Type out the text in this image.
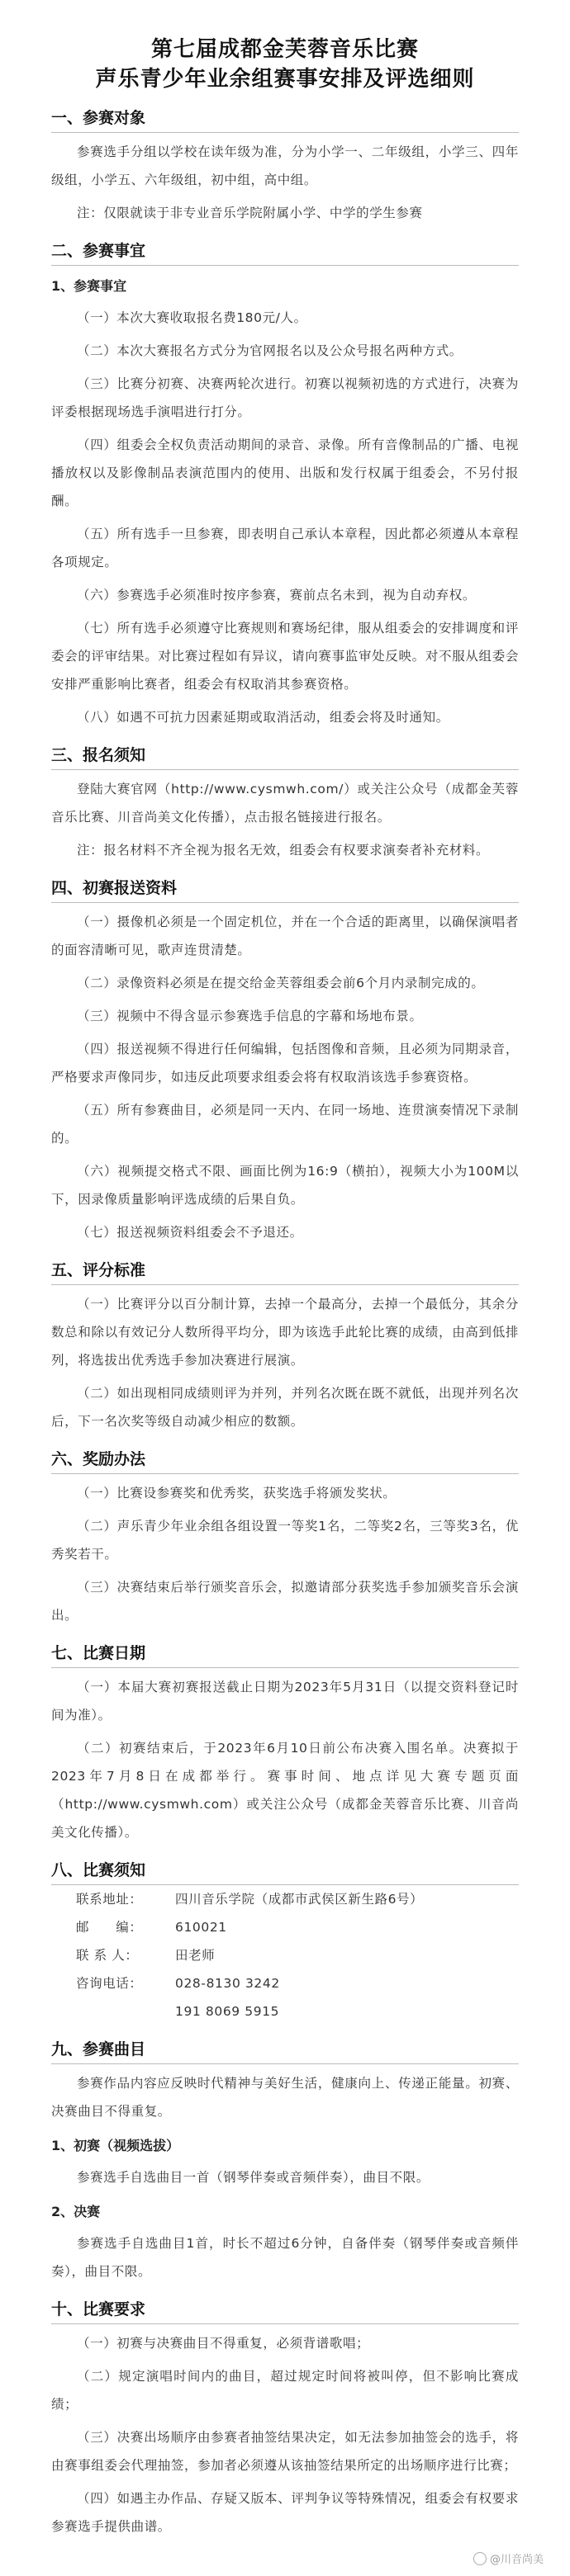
第七届成都金芙蓉音乐比赛
声乐青少年业余组赛事安排及评选细则
一、参赛对象

参赛选手分组以学校在读年级为准，分为小学一、二年级组，小学三、四年级组，小学五、六年级组，初中组，高中组。

注：仅限就读于非专业音乐学院附属小学、中学的学生参赛

二、参赛事宜
1、参赛事宜

（一）本次大赛收取报名费180元/人。

（二）本次大赛报名方式分为官网报名以及公众号报名两种方式。

（三）比赛分初赛、决赛两轮次进行。初赛以视频初选的方式进行，决赛为评委根据现场选手演唱进行打分。

（四）组委会全权负责活动期间的录音、录像。所有音像制品的广播、电视播放权以及影像制品表演范围内的使用、出版和发行权属于组委会，不另付报酬。

（五）所有选手一旦参赛，即表明自己承认本章程，因此都必须遵从本章程各项规定。

（六）参赛选手必须准时按序参赛，赛前点名未到，视为自动弃权。

（七）所有选手必须遵守比赛规则和赛场纪律，服从组委会的安排调度和评委会的评审结果。对比赛过程如有异议，请向赛事监审处反映。对不服从组委会安排严重影响比赛者，组委会有权取消其参赛资格。

（八）如遇不可抗力因素延期或取消活动，组委会将及时通知。

三、报名须知

登陆大赛官网（http://www.cysmwh.com/）或关注公众号（成都金芙蓉音乐比赛、川音尚美文化传播），点击报名链接进行报名。

注：报名材料不齐全视为报名无效，组委会有权要求演奏者补充材料。

四、初赛报送资料

（一）摄像机必须是一个固定机位，并在一个合适的距离里，以确保演唱者的面容清晰可见，歌声连贯清楚。

（二）录像资料必须是在提交给金芙蓉组委会前6个月内录制完成的。

（三）视频中不得含显示参赛选手信息的字幕和场地布景。

（四）报送视频不得进行任何编辑，包括图像和音频，且必须为同期录音，严格要求声像同步，如违反此项要求组委会将有权取消该选手参赛资格。

（五）所有参赛曲目，必须是同一天内、在同一场地、连贯演奏情况下录制的。

（六）视频提交格式不限、画面比例为16:9（横拍），视频大小为100M以下，因录像质量影响评选成绩的后果自负。

（七）报送视频资料组委会不予退还。

五、评分标准

（一）比赛评分以百分制计算，去掉一个最高分，去掉一个最低分，其余分数总和除以有效记分人数所得平均分，即为该选手此轮比赛的成绩，由高到低排列，将选拔出优秀选手参加决赛进行展演。

（二）如出现相同成绩则评为并列，并列名次既在既不就低，出现并列名次后，下一名次奖等级自动减少相应的数额。

六、奖励办法

（一）比赛设参赛奖和优秀奖，获奖选手将颁发奖状。

（二）声乐青少年业余组各组设置一等奖1名，二等奖2名，三等奖3名，优秀奖若干。

（三）决赛结束后举行颁奖音乐会，拟邀请部分获奖选手参加颁奖音乐会演出。

七、比赛日期

（一）本届大赛初赛报送截止日期为2023年5月31日（以提交资料登记时间为准）。

（二）初赛结束后，于2023年6月10日前公布决赛入围名单。决赛拟于2023年7月8日在成都举行。赛事时间、地点详见大赛专题页面（http://www.cysmwh.com）或关注公众号（成都金芙蓉音乐比赛、川音尚美文化传播）。

八、比赛须知
联系地址：	四川音乐学院（成都市武侯区新生路6号）
邮　　编：	610021
联 系 人：	田老师
咨询电话：	028-8130 3242
191 8069 5915
九、参赛曲目

参赛作品内容应反映时代精神与美好生活，健康向上、传递正能量。初赛、决赛曲目不得重复。

1、初赛（视频选拔）

参赛选手自选曲目一首（钢琴伴奏或音频伴奏），曲目不限。

2、决赛

参赛选手自选曲目1首，时长不超过6分钟，自备伴奏（钢琴伴奏或音频伴奏），曲目不限。

十、比赛要求

（一）初赛与决赛曲目不得重复，必须背谱歌唱；

（二）规定演唱时间内的曲目，超过规定时间将被叫停，但不影响比赛成绩；

（三）决赛出场顺序由参赛者抽签结果决定，如无法参加抽签会的选手，将由赛事组委会代理抽签，参加者必须遵从该抽签结果所定的出场顺序进行比赛；

（四）如遇主办作品、存疑又版本、评判争议等特殊情况，组委会有权要求参赛选手提供曲谱。

@川音尚美
